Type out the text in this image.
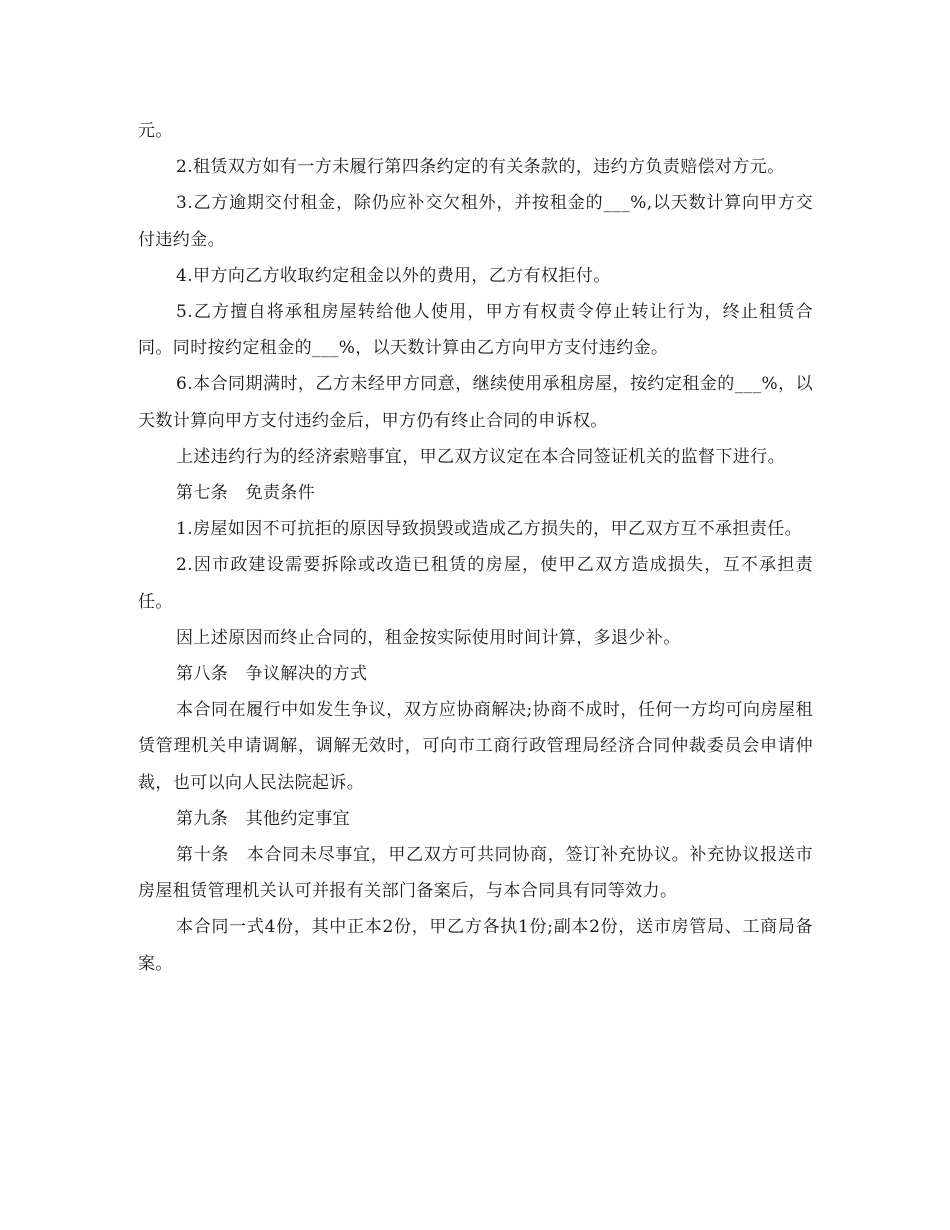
元。

2.租赁双方如有一方未履行第四条约定的有关条款的，违约方负责赔偿对方元。

3.乙方逾期交付租金，除仍应补交欠租外，并按租金的___%,以天数计算向甲方交付违约金。

4.甲方向乙方收取约定租金以外的费用，乙方有权拒付。

5.乙方擅自将承租房屋转给他人使用，甲方有权责令停止转让行为，终止租赁合同。同时按约定租金的___%，以天数计算由乙方向甲方支付违约金。

6.本合同期满时，乙方未经甲方同意，继续使用承租房屋，按约定租金的___%，以天数计算向甲方支付违约金后，甲方仍有终止合同的申诉权。

上述违约行为的经济索赔事宜，甲乙双方议定在本合同签证机关的监督下进行。

第七条　免责条件

1.房屋如因不可抗拒的原因导致损毁或造成乙方损失的，甲乙双方互不承担责任。

2.因市政建设需要拆除或改造已租赁的房屋，使甲乙双方造成损失，互不承担责任。

因上述原因而终止合同的，租金按实际使用时间计算，多退少补。

第八条　争议解决的方式

本合同在履行中如发生争议，双方应协商解决;协商不成时，任何一方均可向房屋租赁管理机关申请调解，调解无效时，可向市工商行政管理局经济合同仲裁委员会申请仲裁，也可以向人民法院起诉。

第九条　其他约定事宜

第十条　本合同未尽事宜，甲乙双方可共同协商，签订补充协议。补充协议报送市房屋租赁管理机关认可并报有关部门备案后，与本合同具有同等效力。

本合同一式4份，其中正本2份，甲乙方各执1份;副本2份，送市房管局、工商局备案。
